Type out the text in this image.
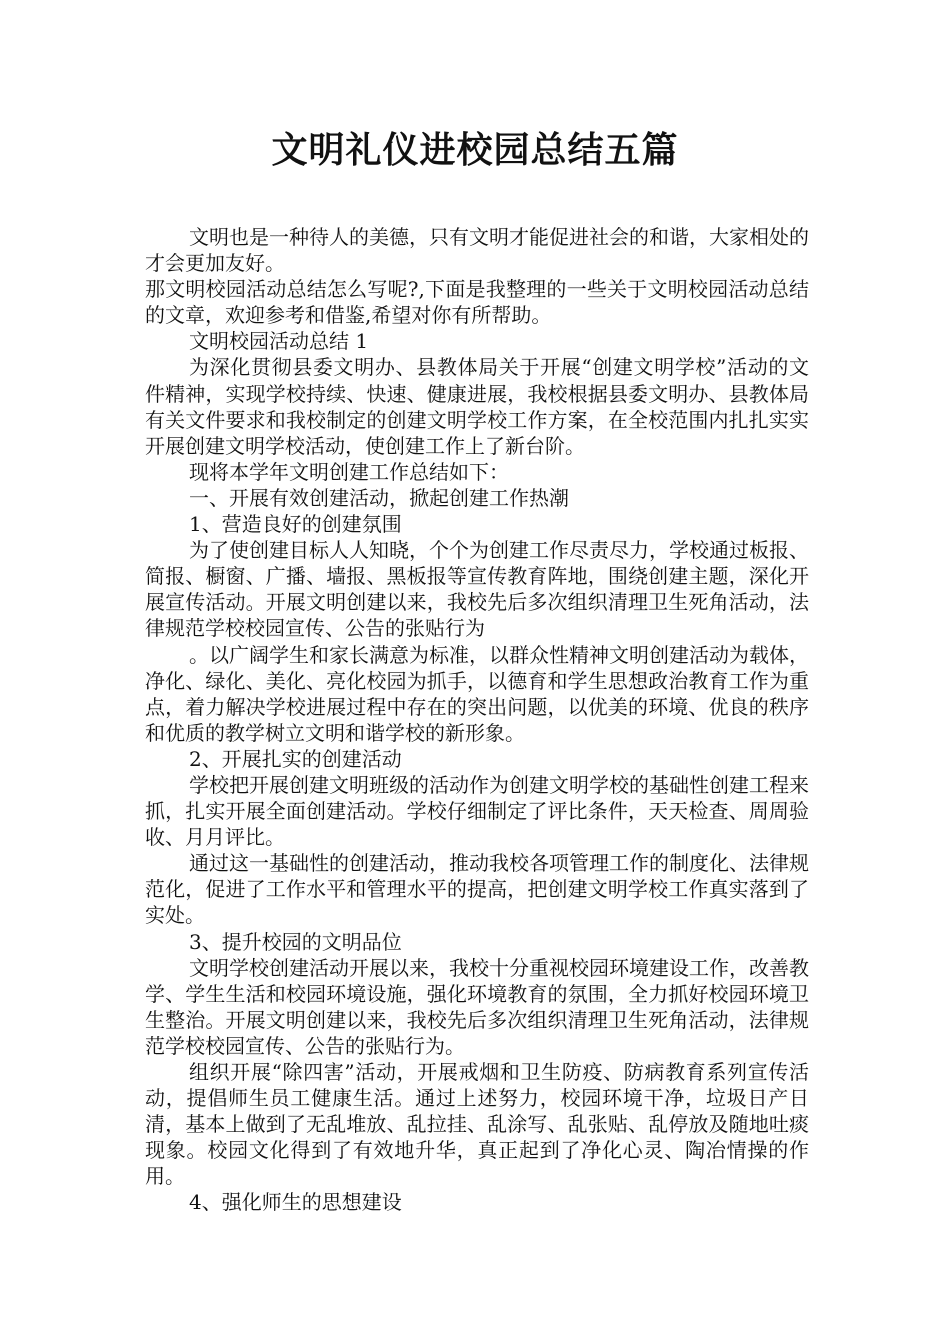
文明礼仪进校园总结五篇

文明也是一种待人的美德，只有文明才能促进社会的和谐，大家相处的才会更加友好。

那文明校园活动总结怎么写呢?,下面是我整理的一些关于文明校园活动总结的文章，欢迎参考和借鉴,希望对你有所帮助。

文明校园活动总结 1

为深化贯彻县委文明办、县教体局关于开展“创建文明学校”活动的文件精神，实现学校持续、快速、健康进展，我校根据县委文明办、县教体局有关文件要求和我校制定的创建文明学校工作方案，在全校范围内扎扎实实开展创建文明学校活动，使创建工作上了新台阶。

现将本学年文明创建工作总结如下：

一、开展有效创建活动，掀起创建工作热潮

1、营造良好的创建氛围

为了使创建目标人人知晓，个个为创建工作尽责尽力，学校通过板报、简报、橱窗、广播、墙报、黑板报等宣传教育阵地，围绕创建主题，深化开展宣传活动。开展文明创建以来，我校先后多次组织清理卫生死角活动，法律规范学校校园宣传、公告的张贴行为

。以广阔学生和家长满意为标准，以群众性精神文明创建活动为载体，净化、绿化、美化、亮化校园为抓手，以德育和学生思想政治教育工作为重点，着力解决学校进展过程中存在的突出问题，以优美的环境、优良的秩序和优质的教学树立文明和谐学校的新形象。

2、开展扎实的创建活动

学校把开展创建文明班级的活动作为创建文明学校的基础性创建工程来抓，扎实开展全面创建活动。学校仔细制定了评比条件，天天检查、周周验收、月月评比。

通过这一基础性的创建活动，推动我校各项管理工作的制度化、法律规范化，促进了工作水平和管理水平的提高，把创建文明学校工作真实落到了实处。

3、提升校园的文明品位

文明学校创建活动开展以来，我校十分重视校园环境建设工作，改善教学、学生生活和校园环境设施，强化环境教育的氛围，全力抓好校园环境卫生整治。开展文明创建以来，我校先后多次组织清理卫生死角活动，法律规范学校校园宣传、公告的张贴行为。

组织开展“除四害”活动，开展戒烟和卫生防疫、防病教育系列宣传活动，提倡师生员工健康生活。通过上述努力，校园环境干净，垃圾日产日清，基本上做到了无乱堆放、乱拉挂、乱涂写、乱张贴、乱停放及随地吐痰现象。校园文化得到了有效地升华，真正起到了净化心灵、陶冶情操的作用。

4、强化师生的思想建设
